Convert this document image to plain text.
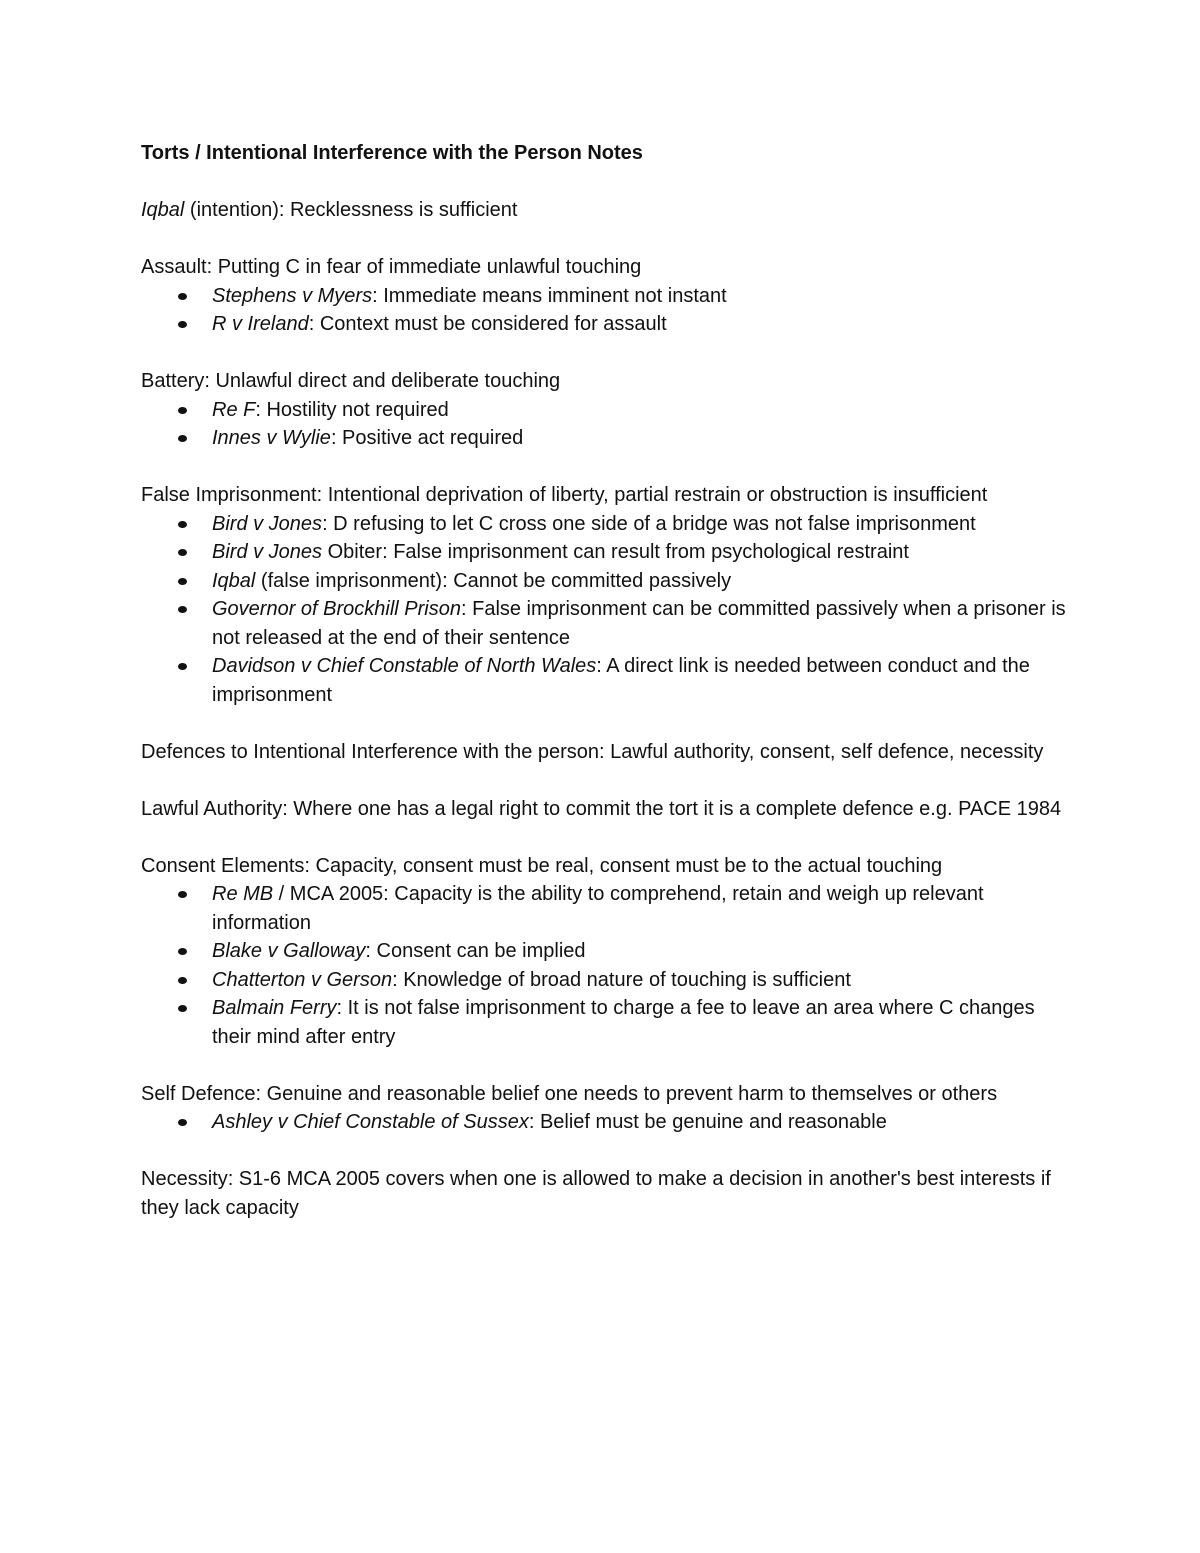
Torts / Intentional Interference with the Person Notes

Iqbal (intention): Recklessness is sufficient

Assault: Putting C in fear of immediate unlawful touching

Stephens v Myers: Immediate means imminent not instant
R v Ireland: Context must be considered for assault

Battery: Unlawful direct and deliberate touching

Re F: Hostility not required
Innes v Wylie: Positive act required

False Imprisonment: Intentional deprivation of liberty, partial restrain or obstruction is insufficient

Bird v Jones: D refusing to let C cross one side of a bridge was not false imprisonment
Bird v Jones Obiter: False imprisonment can result from psychological restraint
Iqbal (false imprisonment): Cannot be committed passively
Governor of Brockhill Prison: False imprisonment can be committed passively when a prisoner is not released at the end of their sentence
Davidson v Chief Constable of North Wales: A direct link is needed between conduct and the imprisonment

Defences to Intentional Interference with the person: Lawful authority, consent, self defence, necessity

Lawful Authority: Where one has a legal right to commit the tort it is a complete defence e.g. PACE 1984

Consent Elements: Capacity, consent must be real, consent must be to the actual touching

Re MB / MCA 2005: Capacity is the ability to comprehend, retain and weigh up relevant information
Blake v Galloway: Consent can be implied
Chatterton v Gerson: Knowledge of broad nature of touching is sufficient
Balmain Ferry: It is not false imprisonment to charge a fee to leave an area where C changes their mind after entry

Self Defence: Genuine and reasonable belief one needs to prevent harm to themselves or others

Ashley v Chief Constable of Sussex: Belief must be genuine and reasonable

Necessity: S1-6 MCA 2005 covers when one is allowed to make a decision in another's best interests if they lack capacity
